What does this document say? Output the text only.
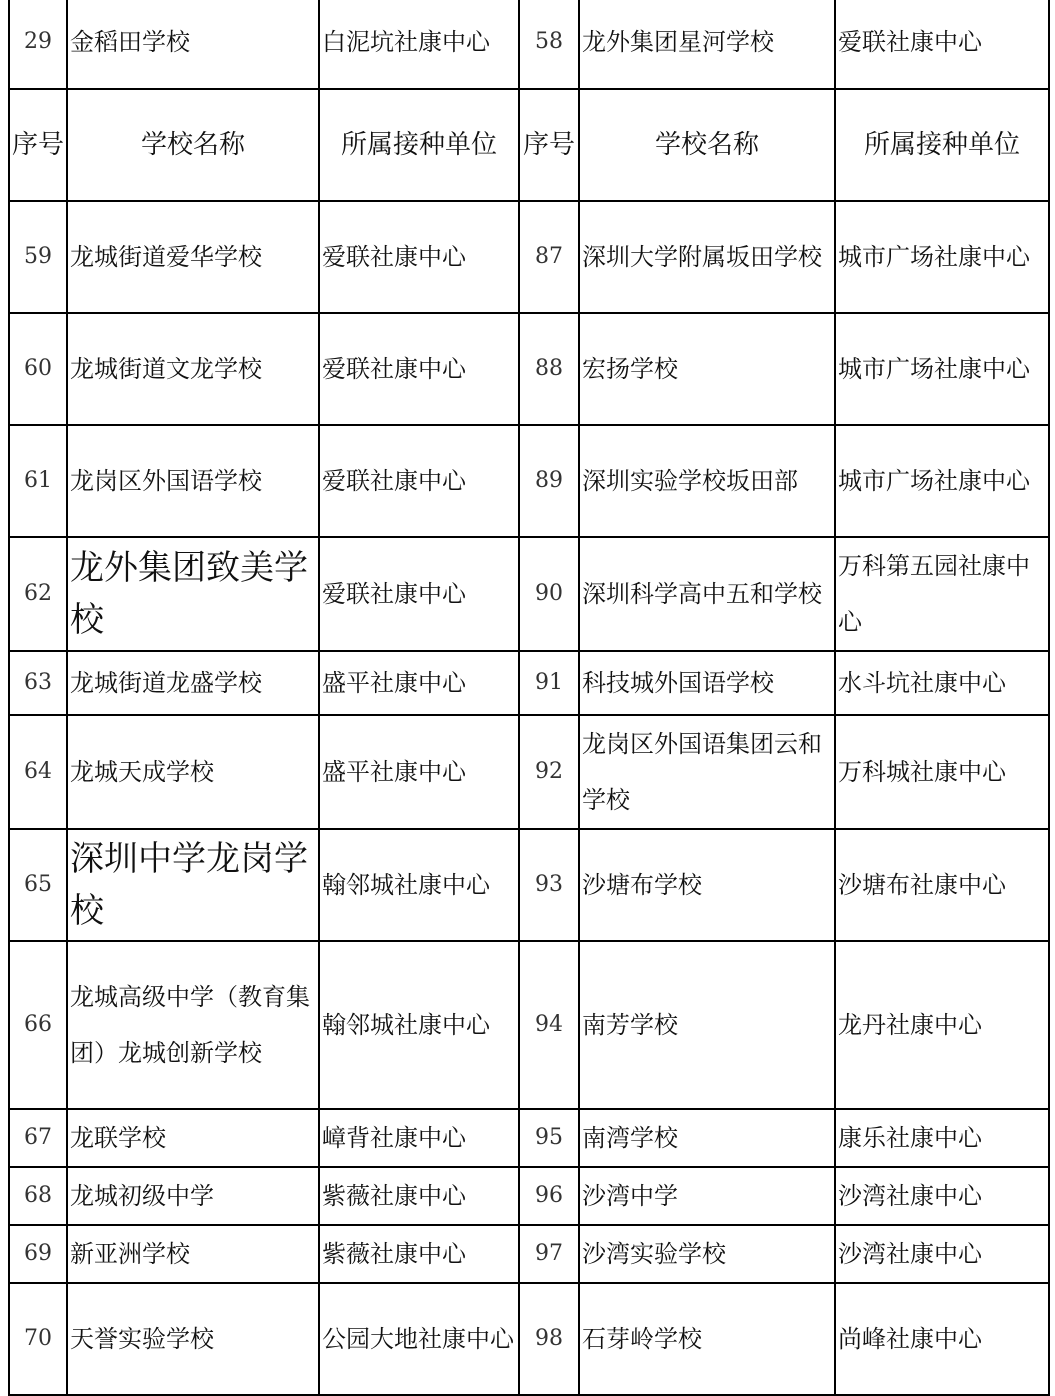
29	金稻田学校	白泥坑社康中心	58	龙外集团星河学校	爱联社康中心
序号	学校名称	所属接种单位	序号	学校名称	所属接种单位
59	龙城街道爱华学校	爱联社康中心	87	深圳大学附属坂田学校	城市广场社康中心
60	龙城街道文龙学校	爱联社康中心	88	宏扬学校	城市广场社康中心
61	龙岗区外国语学校	爱联社康中心	89	深圳实验学校坂田部	城市广场社康中心
62	龙外集团致美学校	爱联社康中心	90	深圳科学高中五和学校	万科第五园社康中心
63	龙城街道龙盛学校	盛平社康中心	91	科技城外国语学校	水斗坑社康中心
64	龙城天成学校	盛平社康中心	92	龙岗区外国语集团云和学校	万科城社康中心
65	深圳中学龙岗学校	翰邻城社康中心	93	沙塘布学校	沙塘布社康中心
66	龙城高级中学（教育集团）龙城创新学校	翰邻城社康中心	94	南芳学校	龙丹社康中心
67	龙联学校	嶂背社康中心	95	南湾学校	康乐社康中心
68	龙城初级中学	紫薇社康中心	96	沙湾中学	沙湾社康中心
69	新亚洲学校	紫薇社康中心	97	沙湾实验学校	沙湾社康中心
70	天誉实验学校	公园大地社康中心	98	石芽岭学校	尚峰社康中心
